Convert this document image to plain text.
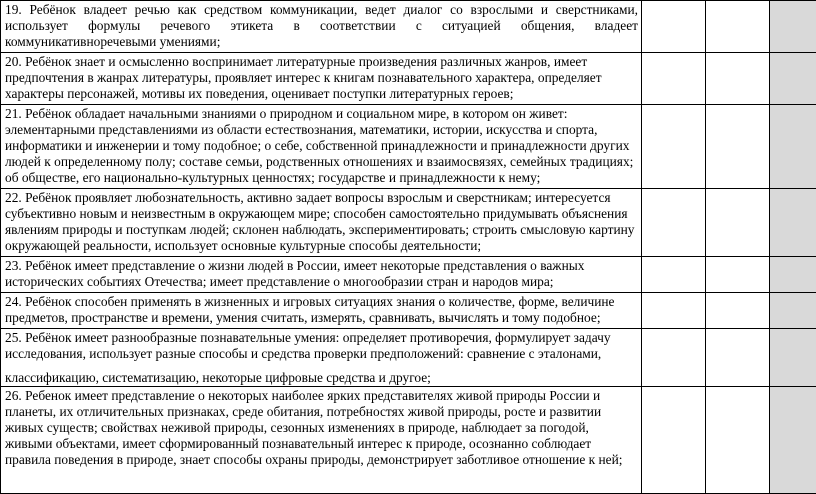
19. Ребёнок владеет речью как средством коммуникации, ведет диалог со взрослыми и сверстниками, использует формулы речевого этикета в соответствии с ситуацией общения, владеет коммуникативноречевыми умениями;			
20. Ребёнок знает и осмысленно воспринимает литературные произведения различных жанров, имеет предпочтения в жанрах литературы, проявляет интерес к книгам познавательного характера, определяет характеры персонажей, мотивы их поведения, оценивает поступки литературных героев;			
21. Ребёнок обладает начальными знаниями о природном и социальном мире, в котором он живет: элементарными представлениями из области естествознания, математики, истории, искусства и спорта, информатики и инженерии и тому подобное; о себе, собственной принадлежности и принадлежности других людей к определенному полу; составе семьи, родственных отношениях и взаимосвязях, семейных традициях; об обществе, его национально-культурных ценностях; государстве и принадлежности к нему;			
22. Ребёнок проявляет любознательность, активно задает вопросы взрослым и сверстникам; интересуется субъективно новым и неизвестным в окружающем мире; способен самостоятельно придумывать объяснения явлениям природы и поступкам людей; склонен наблюдать, экспериментировать; строить смысловую картину окружающей реальности, использует основные культурные способы деятельности;			
23. Ребёнок имеет представление о жизни людей в России, имеет некоторые представления о важных исторических событиях Отечества; имеет представление о многообразии стран и народов мира;			
24. Ребёнок способен применять в жизненных и игровых ситуациях знания о количестве, форме, величине предметов, пространстве и времени, умения считать, измерять, сравнивать, вычислять и тому подобное;			
25. Ребёнок имеет разнообразные познавательные умения: определяет противоречия, формулирует задачу исследования, использует разные способы и средства проверки предположений: сравнение с эталонами,
классификацию, систематизацию, некоторые цифровые средства и другое;			
26. Ребенок имеет представление о некоторых наиболее ярких представителях живой природы России и планеты, их отличительных признаках, среде обитания, потребностях живой природы, росте и развитии живых существ; свойствах неживой природы, сезонных изменениях в природе, наблюдает за погодой, живыми объектами, имеет сформированный познавательный интерес к природе, осознанно соблюдает правила поведения в природе, знает способы охраны природы, демонстрирует заботливое отношение к ней;			
